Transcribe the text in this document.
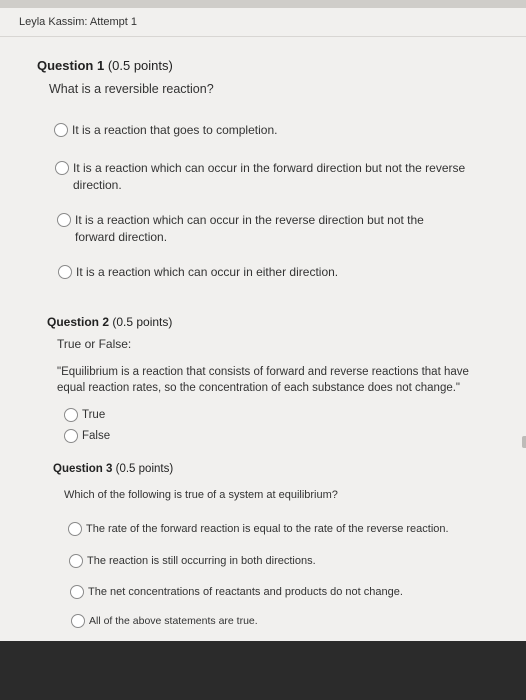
Leyla Kassim: Attempt 1
Question 1 (0.5 points)
What is a reversible reaction?
It is a reaction that goes to completion.
It is a reaction which can occur in the forward direction but not the reverse direction.
It is a reaction which can occur in the reverse direction but not the forward direction.
It is a reaction which can occur in either direction.
Question 2 (0.5 points)
True or False:
"Equilibrium is a reaction that consists of forward and reverse reactions that have equal reaction rates, so the concentration of each substance does not change."
True
False
Question 3 (0.5 points)
Which of the following is true of a system at equilibrium?
The rate of the forward reaction is equal to the rate of the reverse reaction.
The reaction is still occurring in both directions.
The net concentrations of reactants and products do not change.
All of the above statements are true.
